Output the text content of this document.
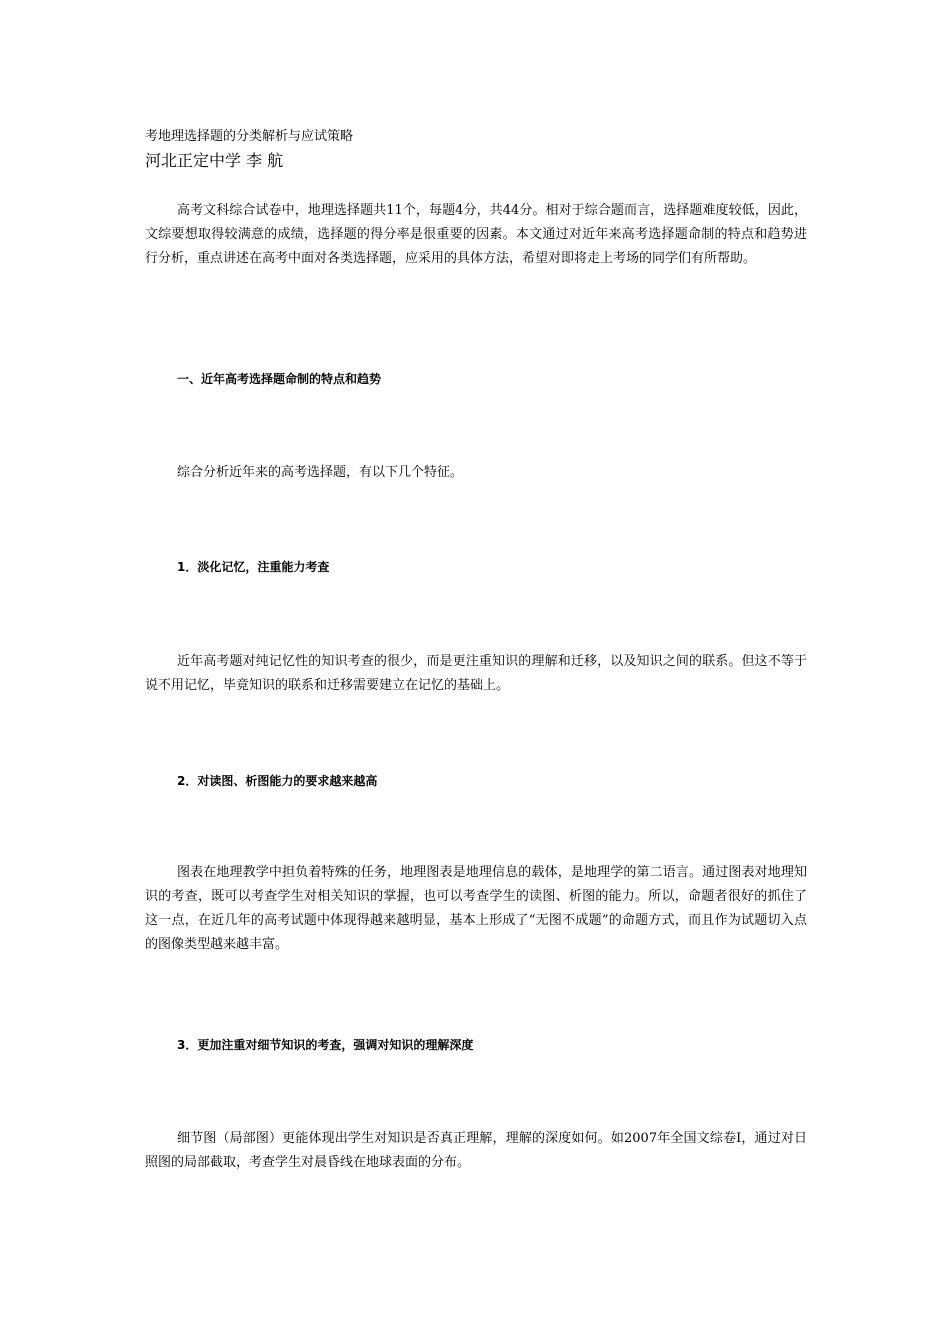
考地理选择题的分类解析与应试策略
河北正定中学 李 航

高考文科综合试卷中，地理选择题共11个，每题4分，共44分。相对于综合题而言，选择题难度较低，因此，文综要想取得较满意的成绩，选择题的得分率是很重要的因素。本文通过对近年来高考选择题命制的特点和趋势进行分析，重点讲述在高考中面对各类选择题，应采用的具体方法，希望对即将走上考场的同学们有所帮助。

一、近年高考选择题命制的特点和趋势

综合分析近年来的高考选择题，有以下几个特征。

1．淡化记忆，注重能力考查

近年高考题对纯记忆性的知识考查的很少，而是更注重知识的理解和迁移，以及知识之间的联系。但这不等于说不用记忆，毕竟知识的联系和迁移需要建立在记忆的基础上。

2．对读图、析图能力的要求越来越高

图表在地理教学中担负着特殊的任务，地理图表是地理信息的载体，是地理学的第二语言。通过图表对地理知识的考查，既可以考查学生对相关知识的掌握，也可以考查学生的读图、析图的能力。所以，命题者很好的抓住了这一点，在近几年的高考试题中体现得越来越明显，基本上形成了“无图不成题”的命题方式，而且作为试题切入点的图像类型越来越丰富。

3．更加注重对细节知识的考查，强调对知识的理解深度

细节图（局部图）更能体现出学生对知识是否真正理解，理解的深度如何。如2007年全国文综卷Ⅰ，通过对日照图的局部截取，考查学生对晨昏线在地球表面的分布。
